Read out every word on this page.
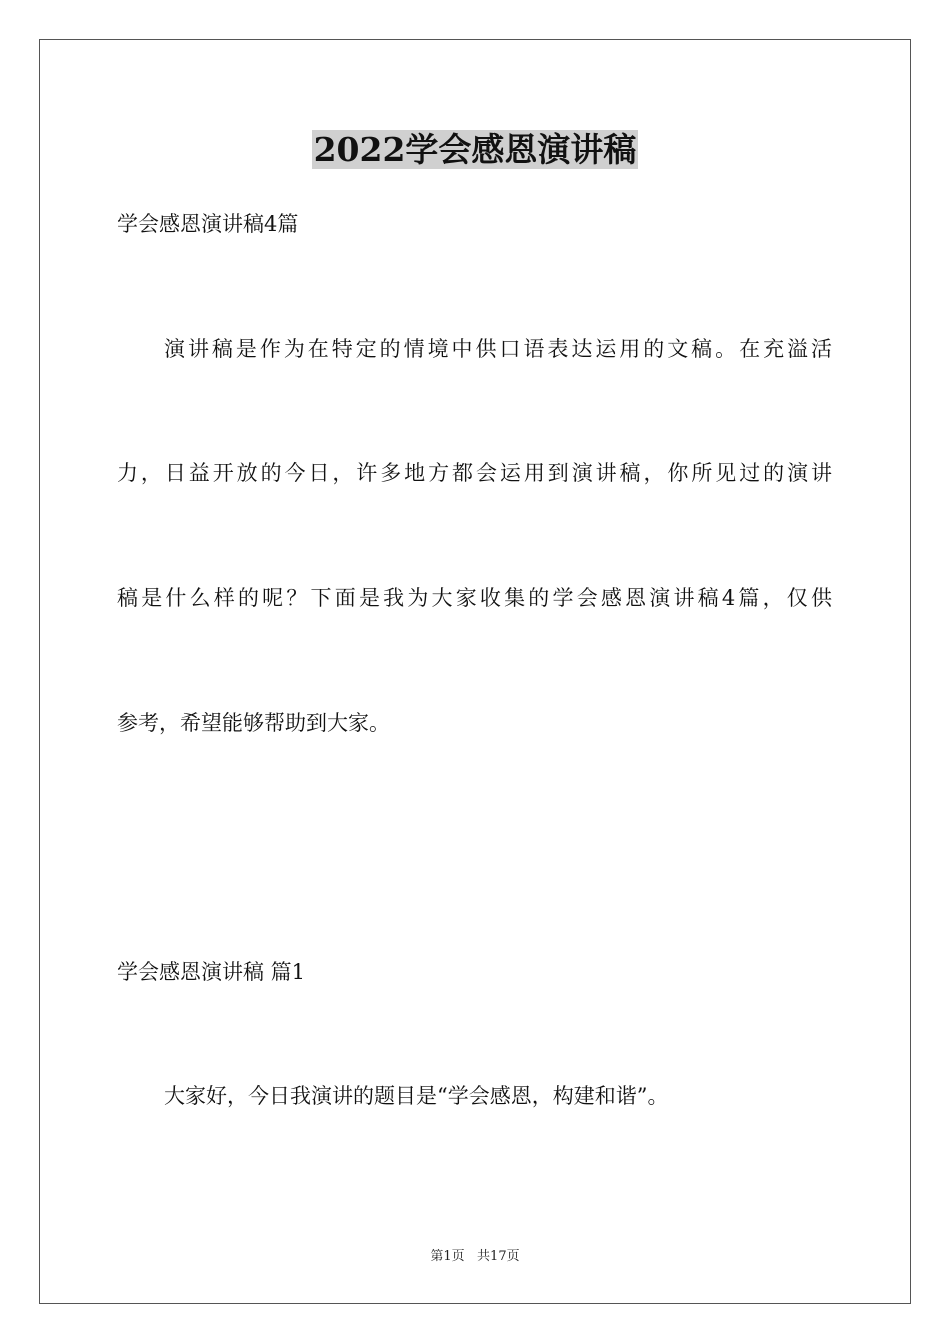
2022学会感恩演讲稿
学会感恩演讲稿4篇
演讲稿是作为在特定的情境中供口语表达运用的文稿。在充溢活
力，日益开放的今日，许多地方都会运用到演讲稿，你所见过的演讲
稿是什么样的呢？下面是我为大家收集的学会感恩演讲稿4篇，仅供
参考，希望能够帮助到大家。
学会感恩演讲稿 篇1
大家好，今日我演讲的题目是“学会感恩，构建和谐”。
第1页   共17页
